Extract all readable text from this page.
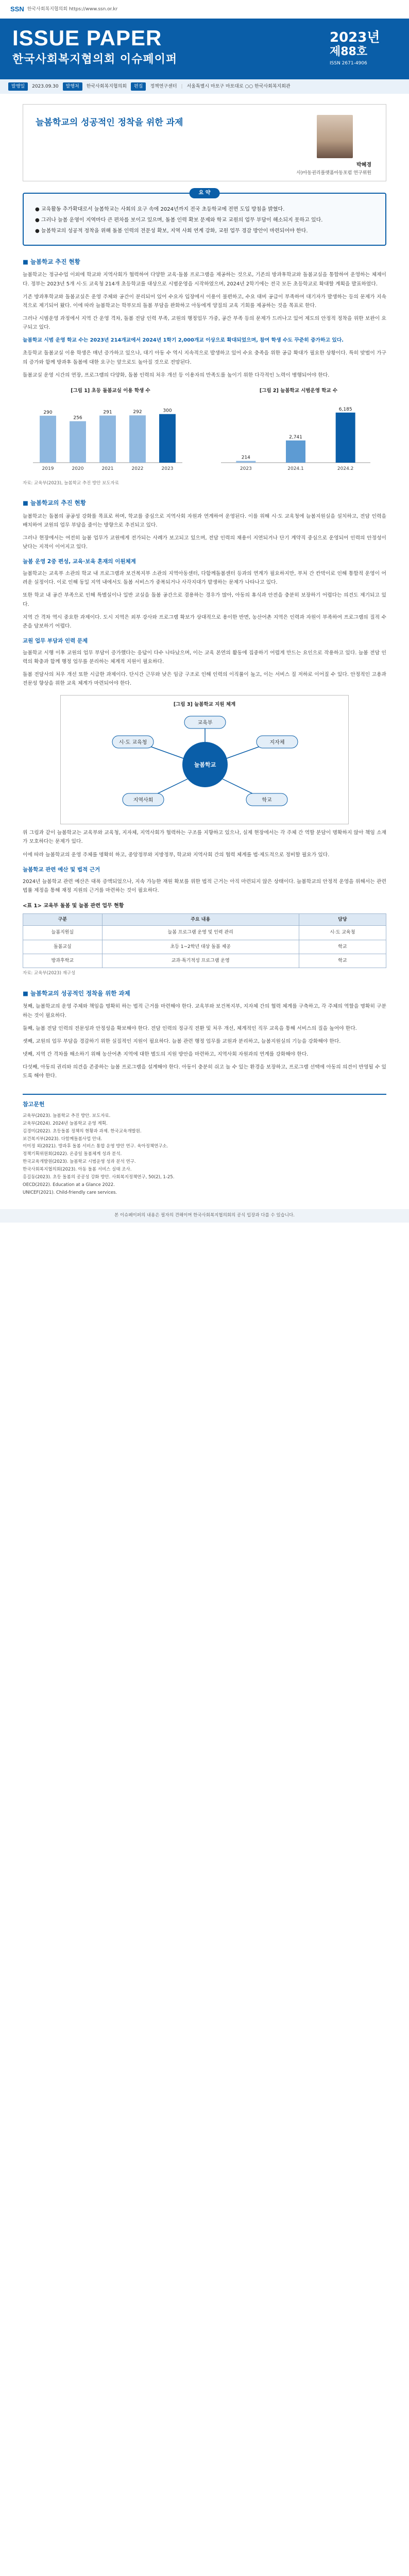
SSN 한국사회복지협의회 https://www.ssn.or.kr
ISSUE PAPER
한국사회복지협의회 이슈페이퍼
2023년
제88호
ISSN 2671-4906
발행일	2023.09.30	발행처	한국사회복지협의회	편집	정책연구센터 | 서울특별시 마포구 마포대로 ○○ 한국사회복지회관
늘봄학교의 성공적인 정착을 위한 과제
박혜경
사)아동권리플랫폼아동포럼 연구위원
요 약

● 교육활동 추가확대로서 늘봄학교는 사회의 요구 속에 2024년까지 전국 초등학교에 전면 도입 방침을 밝혔다.

● 그러나 늘봄 운영이 지역마다 큰 편차를 보이고 있으며, 돌봄 인력 확보 문제와 학교 교원의 업무 부담이 해소되지 못하고 있다.

● 늘봄학교의 성공적 정착을 위해 돌봄 인력의 전문성 확보, 지역 사회 연계 강화, 교원 업무 경감 방안이 마련되어야 한다.

■ 늘봄학교 추진 현황

늘봄학교는 정규수업 이외에 학교와 지역사회가 협력하여 다양한 교육·돌봄 프로그램을 제공하는 것으로, 기존의 방과후학교와 돌봄교실을 통합하여 운영하는 체제이다. 정부는 2023년 5개 시·도 교육청 214개 초등학교를 대상으로 시범운영을 시작하였으며, 2024년 2학기에는 전국 모든 초등학교로 확대할 계획을 발표하였다.

기존 방과후학교와 돌봄교실은 운영 주체와 공간이 분리되어 있어 수요자 입장에서 이용이 불편하고, 수요 대비 공급이 부족하여 대기자가 발생하는 등의 문제가 지속적으로 제기되어 왔다. 이에 따라 늘봄학교는 학부모의 돌봄 부담을 완화하고 아동에게 양질의 교육 기회를 제공하는 것을 목표로 한다.

그러나 시범운영 과정에서 지역 간 운영 격차, 돌봄 전담 인력 부족, 교원의 행정업무 가중, 공간 부족 등의 문제가 드러나고 있어 제도의 안정적 정착을 위한 보완이 요구되고 있다.

늘봄학교 시범 운영 학교 수는 2023년 214개교에서 2024년 1학기 2,000개교 이상으로 확대되었으며, 참여 학생 수도 꾸준히 증가하고 있다.

초등학교 돌봄교실 이용 학생은 매년 증가하고 있으나, 대기 아동 수 역시 지속적으로 발생하고 있어 수요 충족을 위한 공급 확대가 필요한 상황이다. 특히 맞벌이 가구의 증가와 함께 방과후 돌봄에 대한 요구는 앞으로도 높아질 것으로 전망된다.

돌봄교실 운영 시간의 연장, 프로그램의 다양화, 돌봄 인력의 처우 개선 등 이용자의 만족도를 높이기 위한 다각적인 노력이 병행되어야 한다.

[그림 1] 초등 돌봄교실 이용 학생 수
290
2019
256
2020
291
2021
292
2022
300
2023
[그림 2] 늘봄학교 시범운영 학교 수
214
2023
2,741
2024.1
6,185
2024.2
자료: 교육부(2023), 늘봄학교 추진 방안 보도자료
■ 늘봄학교의 추진 현황

늘봄학교는 돌봄의 공공성 강화를 목표로 하며, 학교를 중심으로 지역사회 자원과 연계하여 운영된다. 이를 위해 시·도 교육청에 늘봄지원실을 설치하고, 전담 인력을 배치하여 교원의 업무 부담을 줄이는 방향으로 추진되고 있다.

그러나 현장에서는 여전히 늘봄 업무가 교원에게 전가되는 사례가 보고되고 있으며, 전담 인력의 채용이 지연되거나 단기 계약직 중심으로 운영되어 인력의 안정성이 낮다는 지적이 이어지고 있다.

늘봄 운영 2중 편성, 교육·보육 혼재의 이원체계

늘봄학교는 교육부 소관의 학교 내 프로그램과 보건복지부 소관의 지역아동센터, 다함께돌봄센터 등과의 연계가 필요하지만, 부처 간 칸막이로 인해 통합적 운영이 어려운 실정이다. 이로 인해 동일 지역 내에서도 돌봄 서비스가 중복되거나 사각지대가 발생하는 문제가 나타나고 있다.

또한 학교 내 공간 부족으로 인해 특별실이나 일반 교실을 돌봄 공간으로 겸용하는 경우가 많아, 아동의 휴식과 안전을 충분히 보장하기 어렵다는 의견도 제기되고 있다.

지역 간 격차 역시 중요한 과제이다. 도시 지역은 외부 강사와 프로그램 확보가 상대적으로 용이한 반면, 농산어촌 지역은 인력과 자원이 부족하여 프로그램의 질적 수준을 담보하기 어렵다.

교원 업무 부담과 인력 문제

늘봄학교 시행 이후 교원의 업무 부담이 증가했다는 응답이 다수 나타났으며, 이는 교육 본연의 활동에 집중하기 어렵게 만드는 요인으로 작용하고 있다. 늘봄 전담 인력의 확충과 함께 행정 업무를 분리하는 체계적 지원이 필요하다.

돌봄 전담사의 처우 개선 또한 시급한 과제이다. 단시간 근무와 낮은 임금 구조로 인해 인력의 이직률이 높고, 이는 서비스 질 저하로 이어질 수 있다. 안정적인 고용과 전문성 향상을 위한 교육 체계가 마련되어야 한다.

[그림 3] 늘봄학교 지원 체계
늘봄학교
교육부
시·도 교육청	지자체
지역사회	학교

위 그림과 같이 늘봄학교는 교육부와 교육청, 지자체, 지역사회가 협력하는 구조를 지향하고 있으나, 실제 현장에서는 각 주체 간 역할 분담이 명확하지 않아 책임 소재가 모호하다는 문제가 있다.

이에 따라 늘봄학교의 운영 주체를 명확히 하고, 중앙정부와 지방정부, 학교와 지역사회 간의 협력 체계를 법·제도적으로 정비할 필요가 있다.

늘봄학교 관련 예산 및 법적 근거

2024년 늘봄학교 관련 예산은 대폭 증액되었으나, 지속 가능한 재원 확보를 위한 법적 근거는 아직 마련되지 않은 상태이다. 늘봄학교의 안정적 운영을 위해서는 관련 법률 제정을 통해 재정 지원의 근거를 마련하는 것이 필요하다.

<표 1> 교육부 돌봄 및 늘봄 관련 업무 현황
구분	주요 내용	담당
늘봄지원실	늘봄 프로그램 운영 및 인력 관리	시·도 교육청
돌봄교실	초등 1~2학년 대상 돌봄 제공	학교
방과후학교	교과·특기적성 프로그램 운영	학교
자료: 교육부(2023) 재구성
■ 늘봄학교의 성공적인 정착을 위한 과제

첫째, 늘봄학교의 운영 주체와 책임을 명확히 하는 법적 근거를 마련해야 한다. 교육부와 보건복지부, 지자체 간의 협력 체계를 구축하고, 각 주체의 역할을 명확히 구분하는 것이 필요하다.

둘째, 늘봄 전담 인력의 전문성과 안정성을 확보해야 한다. 전담 인력의 정규직 전환 및 처우 개선, 체계적인 직무 교육을 통해 서비스의 질을 높여야 한다.

셋째, 교원의 업무 부담을 경감하기 위한 실질적인 지원이 필요하다. 늘봄 관련 행정 업무를 교원과 분리하고, 늘봄지원실의 기능을 강화해야 한다.

넷째, 지역 간 격차를 해소하기 위해 농산어촌 지역에 대한 별도의 지원 방안을 마련하고, 지역사회 자원과의 연계를 강화해야 한다.

다섯째, 아동의 권리와 의견을 존중하는 늘봄 프로그램을 설계해야 한다. 아동이 충분히 쉬고 놀 수 있는 환경을 보장하고, 프로그램 선택에 아동의 의견이 반영될 수 있도록 해야 한다.

참고문헌
교육부(2023). 늘봄학교 추진 방안. 보도자료.
교육부(2024). 2024년 늘봄학교 운영 계획.
김경미(2022). 초등돌봄 정책의 현황과 과제. 한국교육개발원.
보건복지부(2023). 다함께돌봄사업 안내.
이미정 외(2021). 방과후 돌봄 서비스 통합 운영 방안 연구. 육아정책연구소.
정책기획위원회(2022). 온종일 돌봄체계 성과 분석.
한국교육개발원(2023). 늘봄학교 시범운영 성과 분석 연구.
한국사회복지협의회(2023). 아동 돌봄 서비스 실태 조사.
홍길동(2023). 초등 돌봄의 공공성 강화 방안. 사회복지정책연구, 50(2), 1-25.
OECD(2022). Education at a Glance 2022.
UNICEF(2021). Child-friendly care services.
본 이슈페이퍼의 내용은 필자의 견해이며 한국사회복지협의회의 공식 입장과 다를 수 있습니다.
